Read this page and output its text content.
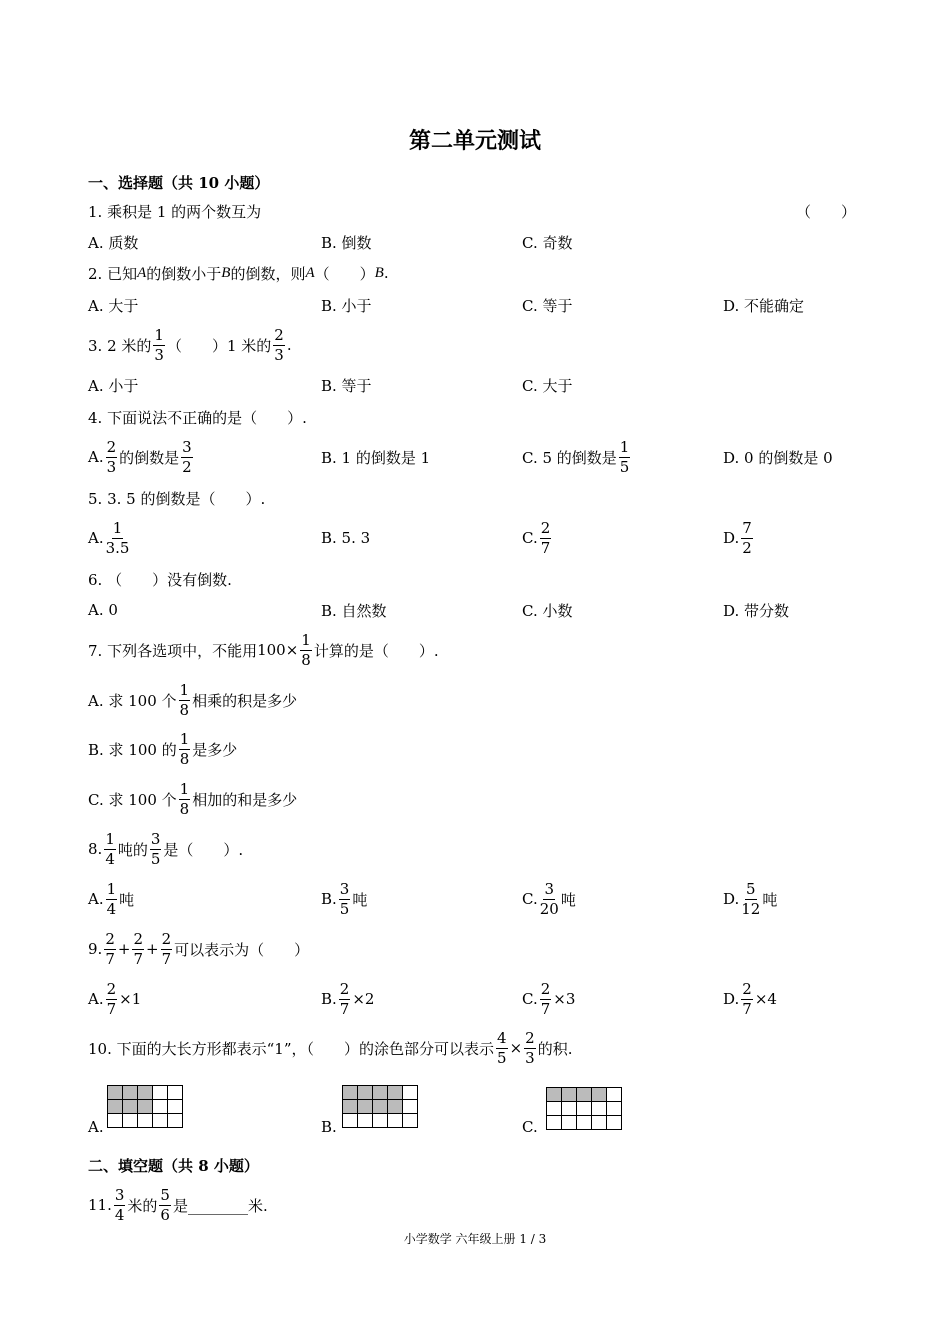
第二单元测试
一、选择题（共 10 小题）
1. 乘积是 1 的两个数互为	（　　）
A. 质数	B. 倒数	C. 奇数
2. 已知 A 的倒数小于 B 的倒数，则 A （　　） B .
A. 大于	B. 小于	C. 等于	D. 不能确定
3. 2 米的 $\frac{1}{3}$ （　　）1 米的 $\frac{2}{3}$ .
A. 小于	B. 等于	C. 大于
4. 下面说法不正确的是（　　）.
A. $\frac{2}{3}$ 的倒数是 $\frac{3}{2}$	B. 1 的倒数是 1	C. 5 的倒数是 $\frac{1}{5}$	D. 0 的倒数是 0
5. 3. 5 的倒数是（　　）.
A. $\frac{1}{3.5}$	B. 5. 3	C. $\frac{2}{7}$	D. $\frac{7}{2}$
6. （　　）没有倒数.
A. 0	B. 自然数	C. 小数	D. 带分数
7. 下列各选项中，不能用 $100\times \frac{1}{8}$ 计算的是（　　）.
A. 求 100 个 $\frac{1}{8}$ 相乘的积是多少
B. 求 100 的 $\frac{1}{8}$ 是多少
C. 求 100 个 $\frac{1}{8}$ 相加的和是多少
8. $\frac{1}{4}$ 吨的 $\frac{3}{5}$ 是（　　）.
A. $\frac{1}{4}$ 吨	B. $\frac{3}{5}$ 吨	C. $\frac{3}{20}$ 吨	D. $\frac{5}{12}$ 吨
9. $\frac{2}{7} + \frac{2}{7} + \frac{2}{7}$ 可以表示为（　　）
A. $\frac{2}{7} \times 1$	B. $\frac{2}{7} \times 2$	C. $\frac{2}{7} \times 3$	D. $\frac{2}{7} \times 4$
10. 下面的大长方形都表示“1”，（　　）的涂色部分可以表示 $\frac{4}{5} \times \frac{2}{3}$ 的积.
A.

					B.

					C.

二、填空题（共 8 小题）
11. $\frac{3}{4}$ 米的 $\frac{5}{6}$ 是________米.
小学数学 六年级上册 1 / 3
